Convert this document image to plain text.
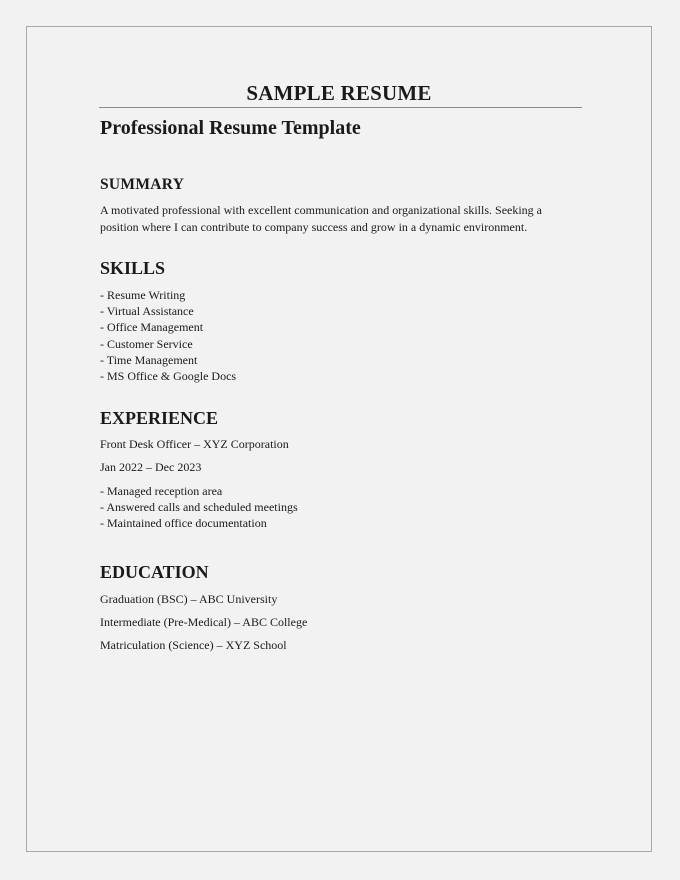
SAMPLE RESUME
Professional Resume Template
SUMMARY
A motivated professional with excellent communication and organizational skills. Seeking a position where I can contribute to company success and grow in a dynamic environment.
SKILLS
- Resume Writing
- Virtual Assistance
- Office Management
- Customer Service
- Time Management
- MS Office & Google Docs
EXPERIENCE
Front Desk Officer – XYZ Corporation
Jan 2022 – Dec 2023
- Managed reception area
- Answered calls and scheduled meetings
- Maintained office documentation
EDUCATION
Graduation (BSC) – ABC University
Intermediate (Pre-Medical) – ABC College
Matriculation (Science) – XYZ School
